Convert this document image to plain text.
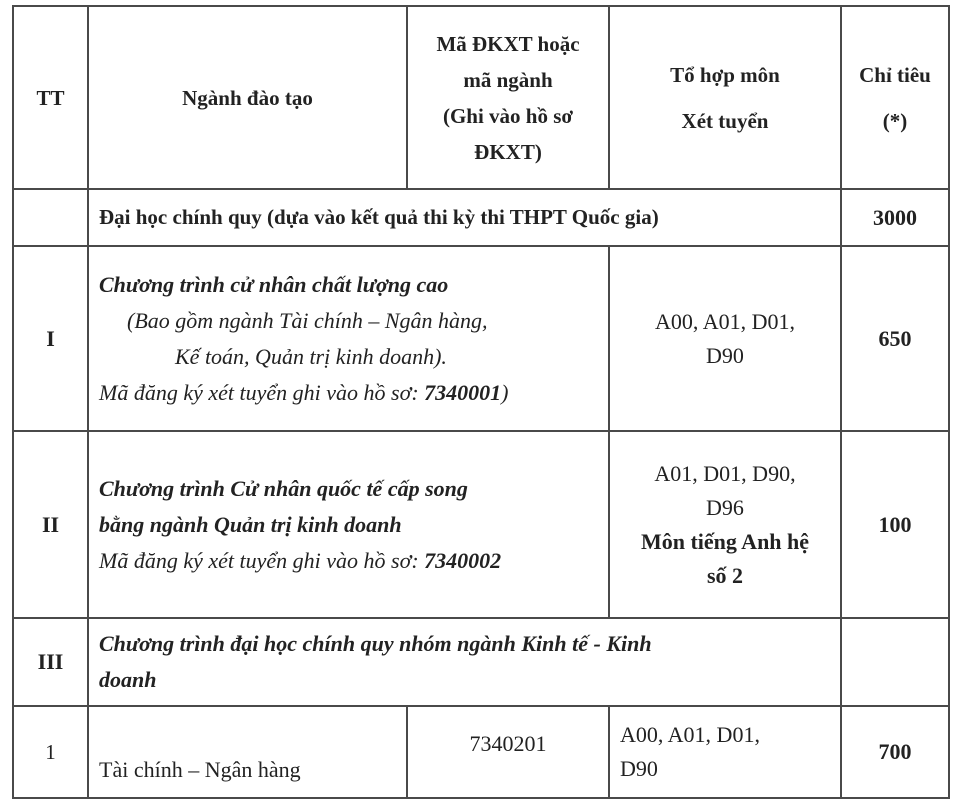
TT	Ngành đào tạo	Mã ĐKXT hoặc
mã ngành
(Ghi vào hồ sơ
ĐKXT)	Tổ hợp môn
Xét tuyển	Chỉ tiêu
(*)

	Đại học chính quy (dựa vào kết quả thi kỳ thi THPT Quốc gia)			3000
I	Chương trình cử nhân chất lượng cao
(Bao gồm ngành Tài chính – Ngân hàng,
Kế toán, Quản trị kinh doanh).
Mã đăng ký xét tuyển ghi vào hồ sơ: 7340001)		A00, A01, D01,
D90	650
II	Chương trình Cử nhân quốc tế cấp song
bằng ngành Quản trị kinh doanh
Mã đăng ký xét tuyển ghi vào hồ sơ: 7340002		A01, D01, D90,
D96
Môn tiếng Anh hệ
số 2	100
III	Chương trình đại học chính quy nhóm ngành Kinh tế - Kinh
doanh			

1	Tài chính – Ngân hàng	7340201	A00, A01, D01,
D90	700
